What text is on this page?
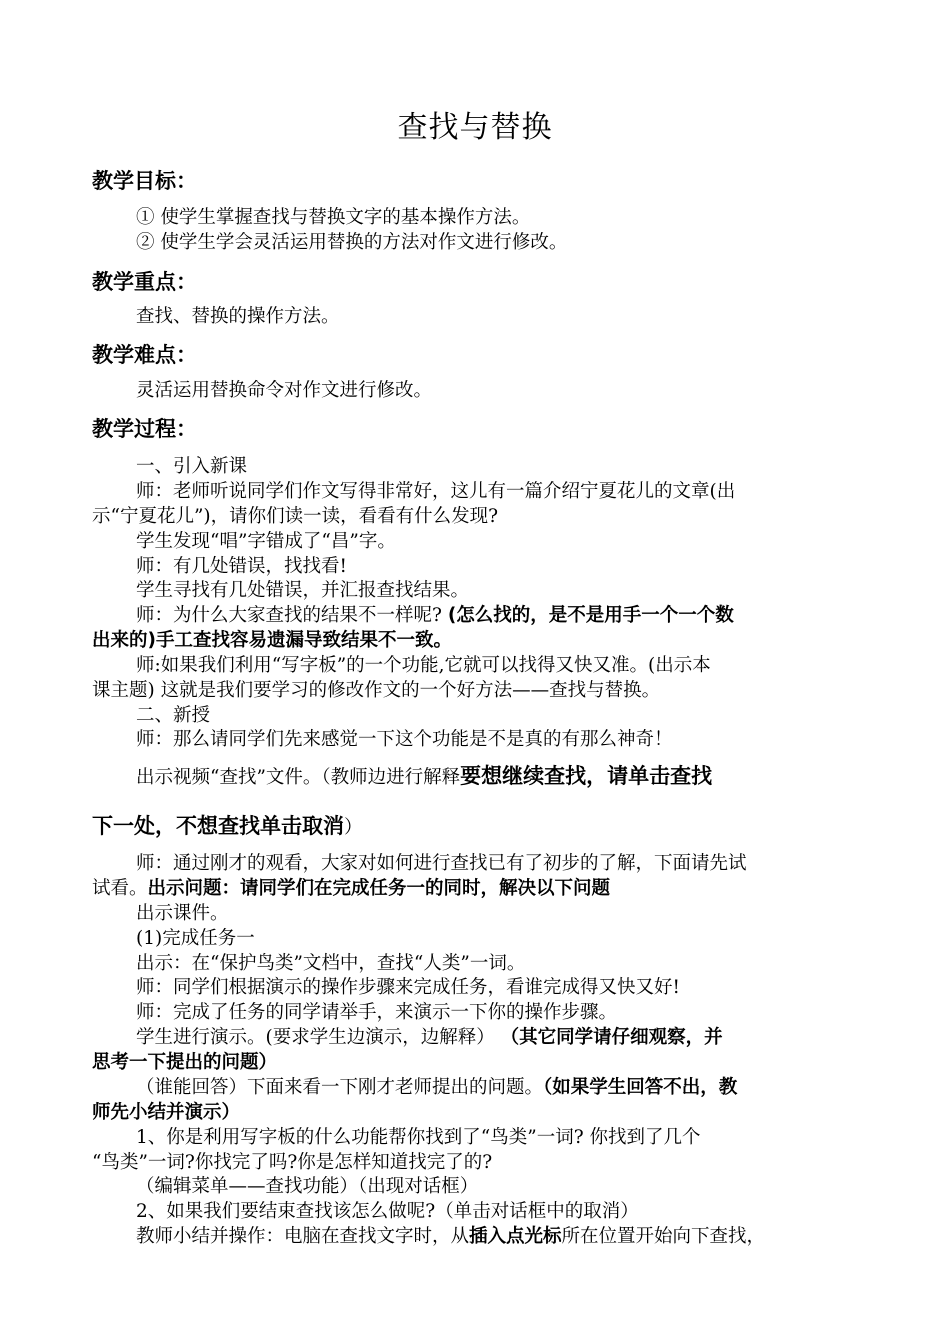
查找与替换
教学目标：
① 使学生掌握查找与替换文字的基本操作方法。
② 使学生学会灵活运用替换的方法对作文进行修改。
教学重点：
查找、替换的操作方法。
教学难点：
灵活运用替换命令对作文进行修改。
教学过程：
一、引入新课
师：老师听说同学们作文写得非常好，这儿有一篇介绍宁夏花儿的文章(出
示“宁夏花儿”)，请你们读一读，看看有什么发现?
学生发现“唱”字错成了“昌”字。
师：有几处错误，找找看!
学生寻找有几处错误，并汇报查找结果。
师：为什么大家查找的结果不一样呢? (怎么找的，是不是用手一个一个数
出来的)手工查找容易遗漏导致结果不一致。
师:如果我们利用“写字板”的一个功能,它就可以找得又快又准。(出示本
课主题) 这就是我们要学习的修改作文的一个好方法——查找与替换。
二、新授
师：那么请同学们先来感觉一下这个功能是不是真的有那么神奇！
出示视频“查找”文件。（教师边进行解释要想继续查找，请单击查找
下一处，不想查找单击取消）
师：通过刚才的观看，大家对如何进行查找已有了初步的了解，下面请先试
试看。出示问题：请同学们在完成任务一的同时，解决以下问题
出示课件。
(1)完成任务一
出示：在“保护鸟类”文档中，查找“人类”一词。
师：同学们根据演示的操作步骤来完成任务，看谁完成得又快又好!
师：完成了任务的同学请举手，来演示一下你的操作步骤。
学生进行演示。(要求学生边演示，边解释） （其它同学请仔细观察，并
思考一下提出的问题）
（谁能回答）下面来看一下刚才老师提出的问题。（如果学生回答不出，教
师先小结并演示）
1、你是利用写字板的什么功能帮你找到了“鸟类”一词? 你找到了几个
“鸟类”一词?你找完了吗?你是怎样知道找完了的?
（编辑菜单——查找功能）（出现对话框）
2、如果我们要结束查找该怎么做呢?（单击对话框中的取消）
教师小结并操作：电脑在查找文字时，从插入点光标所在位置开始向下查找，
